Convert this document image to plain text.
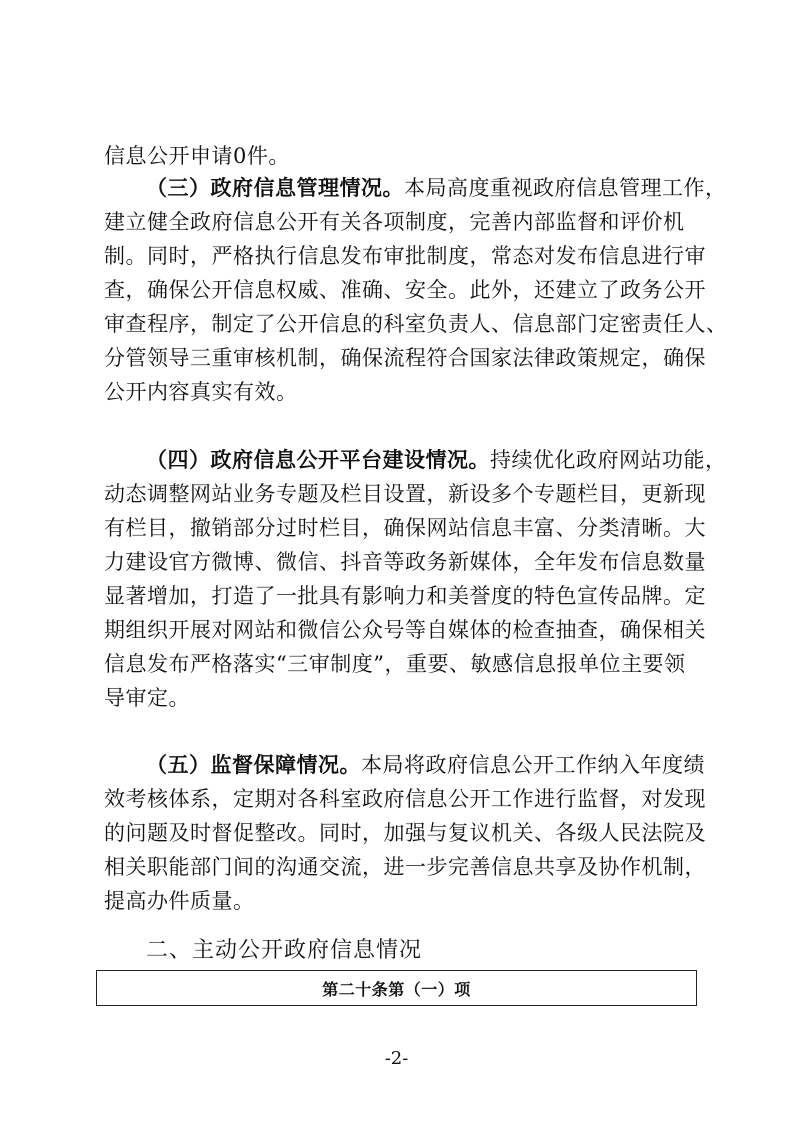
信息公开申请0件。
（三）政府信息管理情况。本局高度重视政府信息管理工作，
建立健全政府信息公开有关各项制度，完善内部监督和评价机
制。同时，严格执行信息发布审批制度，常态对发布信息进行审
查，确保公开信息权威、准确、安全。此外，还建立了政务公开
审查程序，制定了公开信息的科室负责人、信息部门定密责任人、
分管领导三重审核机制，确保流程符合国家法律政策规定，确保
公开内容真实有效。
（四）政府信息公开平台建设情况。持续优化政府网站功能，
动态调整网站业务专题及栏目设置，新设多个专题栏目，更新现
有栏目，撤销部分过时栏目，确保网站信息丰富、分类清晰。大
力建设官方微博、微信、抖音等政务新媒体，全年发布信息数量
显著增加，打造了一批具有影响力和美誉度的特色宣传品牌。定
期组织开展对网站和微信公众号等自媒体的检查抽查，确保相关
信息发布严格落实“三审制度”，重要、敏感信息报单位主要领
导审定。
（五）监督保障情况。本局将政府信息公开工作纳入年度绩
效考核体系，定期对各科室政府信息公开工作进行监督，对发现
的问题及时督促整改。同时，加强与复议机关、各级人民法院及
相关职能部门间的沟通交流，进一步完善信息共享及协作机制，
提高办件质量。
二、主动公开政府信息情况
第二十条第（一）项
-2-
